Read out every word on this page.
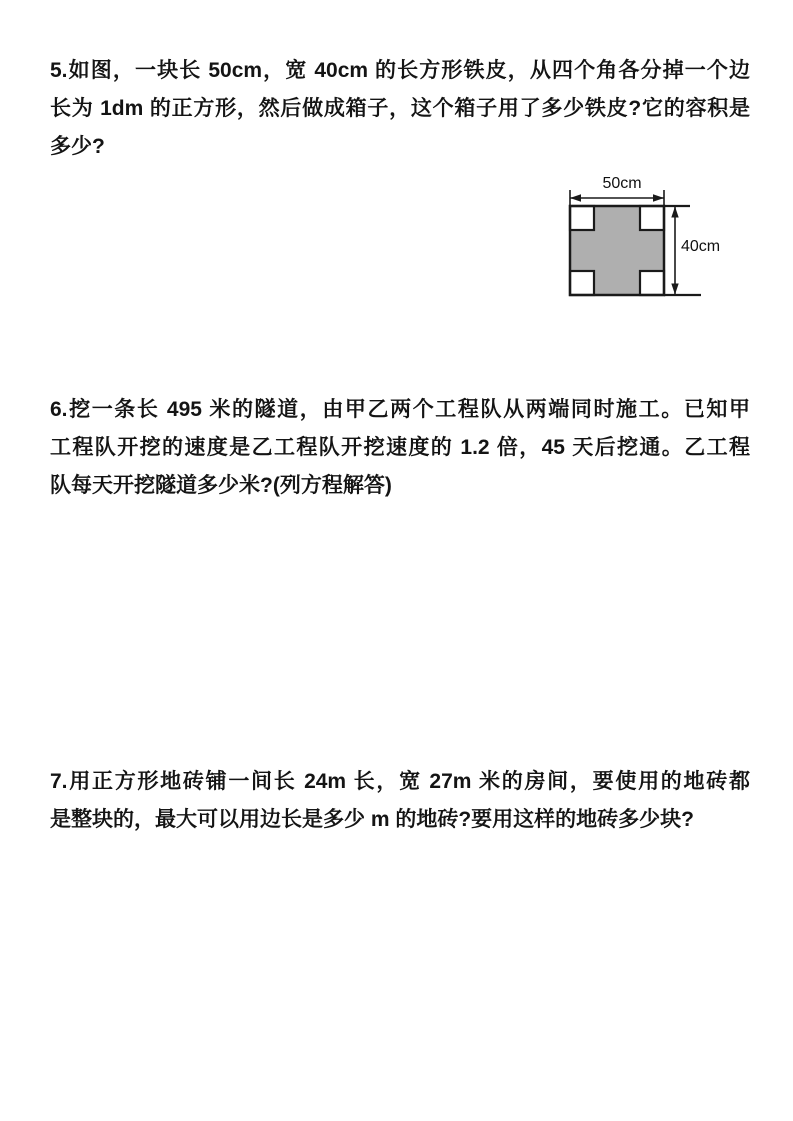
5.如图，一块长 50cm，宽 40cm 的长方形铁皮，从四个角各分掉一个边
长为 1dm 的正方形，然后做成箱子，这个箱子用了多少铁皮?它的容积是
多少?
50cm
40cm
6.挖一条长 495 米的隧道，由甲乙两个工程队从两端同时施工。已知甲
工程队开挖的速度是乙工程队开挖速度的 1.2 倍，45 天后挖通。乙工程
队每天开挖隧道多少米?(列方程解答)
7.用正方形地砖铺一间长 24m 长，宽 27m 米的房间，要使用的地砖都
是整块的，最大可以用边长是多少 m 的地砖?要用这样的地砖多少块?
